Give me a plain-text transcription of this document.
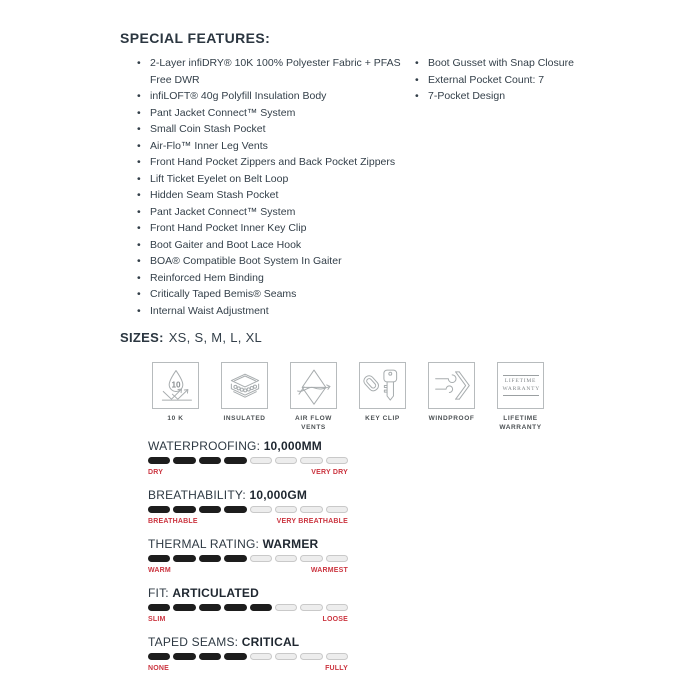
SPECIAL FEATURES:
• 2-Layer infiDRY® 10K 100% Polyester Fabric + PFAS Free DWR
• infiLOFT® 40g Polyfill Insulation Body
• Pant Jacket Connect™ System
• Small Coin Stash Pocket
• Air-Flo™ Inner Leg Vents
• Front Hand Pocket Zippers and Back Pocket Zippers
• Lift Ticket Eyelet on Belt Loop
• Hidden Seam Stash Pocket
• Pant Jacket Connect™ System
• Front Hand Pocket Inner Key Clip
• Boot Gaiter and Boot Lace Hook
• BOA® Compatible Boot System In Gaiter
• Reinforced Hem Binding
• Critically Taped Bemis® Seams
• Internal Waist Adjustment
• Boot Gusset with Snap Closure
• External Pocket Count: 7
• 7-Pocket Design
SIZES: XS, S, M, L, XL
10
10 K	INSULATED	AIR FLOW VENTS
KEY CLIP	WINDPROOF
LIFETIME
WARRANTY
LIFETIME WARRANTY
WATERPROOFING: 10,000MM
DRY	VERY DRY
BREATHABILITY: 10,000GM
BREATHABLE	VERY BREATHABLE
THERMAL RATING: WARMER
WARM	WARMEST
FIT: ARTICULATED
SLIM	LOOSE
TAPED SEAMS: CRITICAL
NONE	FULLY
